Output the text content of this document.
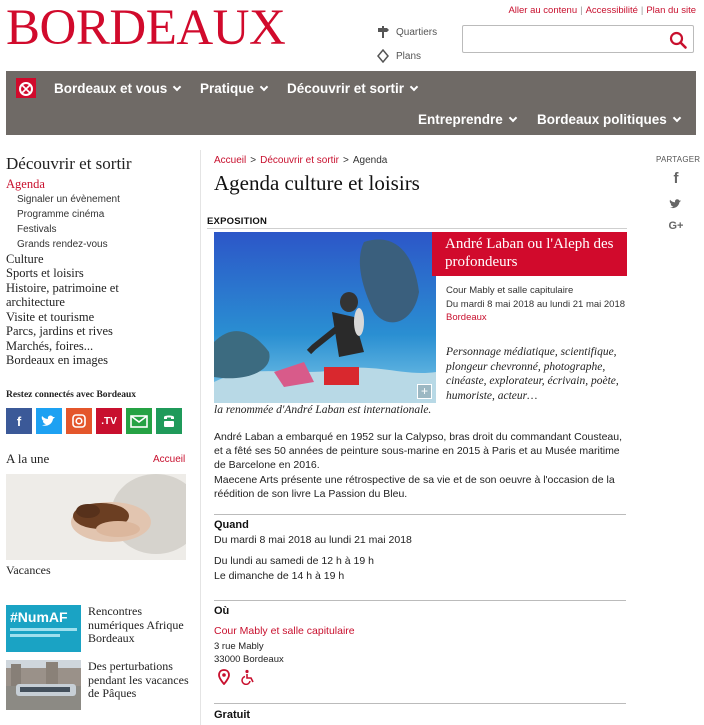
BORDEAUX	Quartiers
Plans
Aller au contenu | Accessibilité | Plan du site
Bordeaux et vous Pratique Découvrir et sortir
Entreprendre	Bordeaux politiques
Découvrir et sortir
Agenda
Signaler un évènement
Programme cinéma
Festivals
Grands rendez-vous
Culture
Sports et loisirs
Histoire, patrimoine et architecture
Visite et tourisme
Parcs, jardins et rives
Marchés, foires...
Bordeaux en images
Restez connectés avec Bordeaux
f	.TV
A la une	Accueil
Vacances
#NumAF	Rencontres numériques Afrique Bordeaux
Des perturbations pendant les vacances de Pâques
Accueil > Découvrir et sortir > Agenda
Agenda culture et loisirs
EXPOSITION
+
André Laban ou l'Aleph des profondeurs
Cour Mably et salle capitulaire
Du mardi 8 mai 2018 au lundi 21 mai 2018
Bordeaux
Personnage médiatique, scientifique, plongeur chevronné, photographe, cinéaste, explorateur, écrivain, poète, humoriste, acteur…
la renommée d'André Laban est internationale.
André Laban a embarqué en 1952 sur la Calypso, bras droit du commandant Cousteau, et a fêté ses 50 années de peinture sous-marine en 2015 à Paris et au Musée maritime de Barcelone en 2016.
Maecene Arts présente une rétrospective de sa vie et de son oeuvre à l'occasion de la réédition de son livre La Passion du Bleu.
Quand
Du mardi 8 mai 2018 au lundi 21 mai 2018
Du lundi au samedi de 12 h à 19 h
Le dimanche de 14 h à 19 h
Où
Cour Mably et salle capitulaire
3 rue Mably
33000 Bordeaux
Gratuit
PARTAGER
f
G+
